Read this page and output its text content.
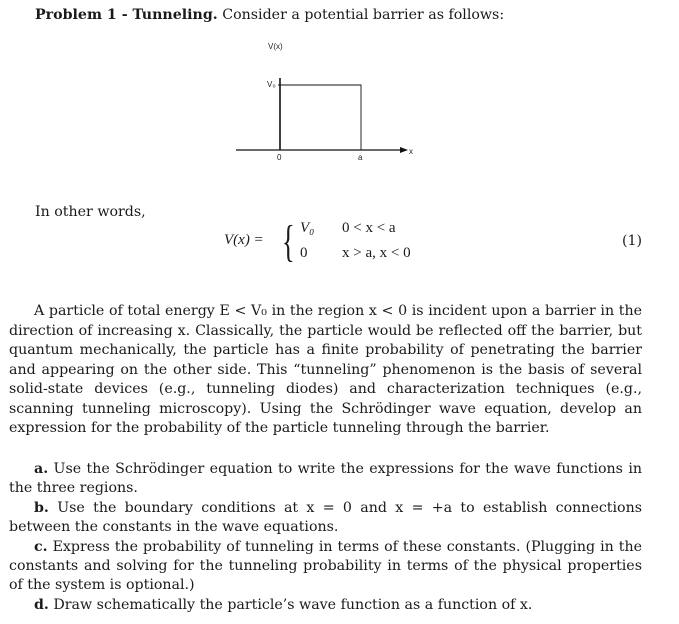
Problem 1 - Tunneling. Consider a potential barrier as follows:
V(x)
V₀
0	a
x
In other words,
V(x) = { V₀ 0 < x < a
0 x > a, x < 0
(1)

A particle of total energy E < V₀ in the region x < 0 is incident upon a barrier in the direction of increasing x. Classically, the particle would be reflected off the barrier, but quantum mechanically, the particle has a finite probability of penetrating the barrier and appearing on the other side. This “tunneling” phenomenon is the basis of several solid-state devices (e.g., tunneling diodes) and characterization techniques (e.g., scanning tunneling microscopy). Using the Schrödinger wave equation, develop an expression for the probability of the particle tunneling through the barrier.

a. Use the Schrödinger equation to write the expressions for the wave functions in the three regions.

b. Use the boundary conditions at x = 0 and x = +a to establish connections between the constants in the wave equations.

c. Express the probability of tunneling in terms of these constants. (Plugging in the constants and solving for the tunneling probability in terms of the physical properties of the system is optional.)

d. Draw schematically the particle’s wave function as a function of x.
